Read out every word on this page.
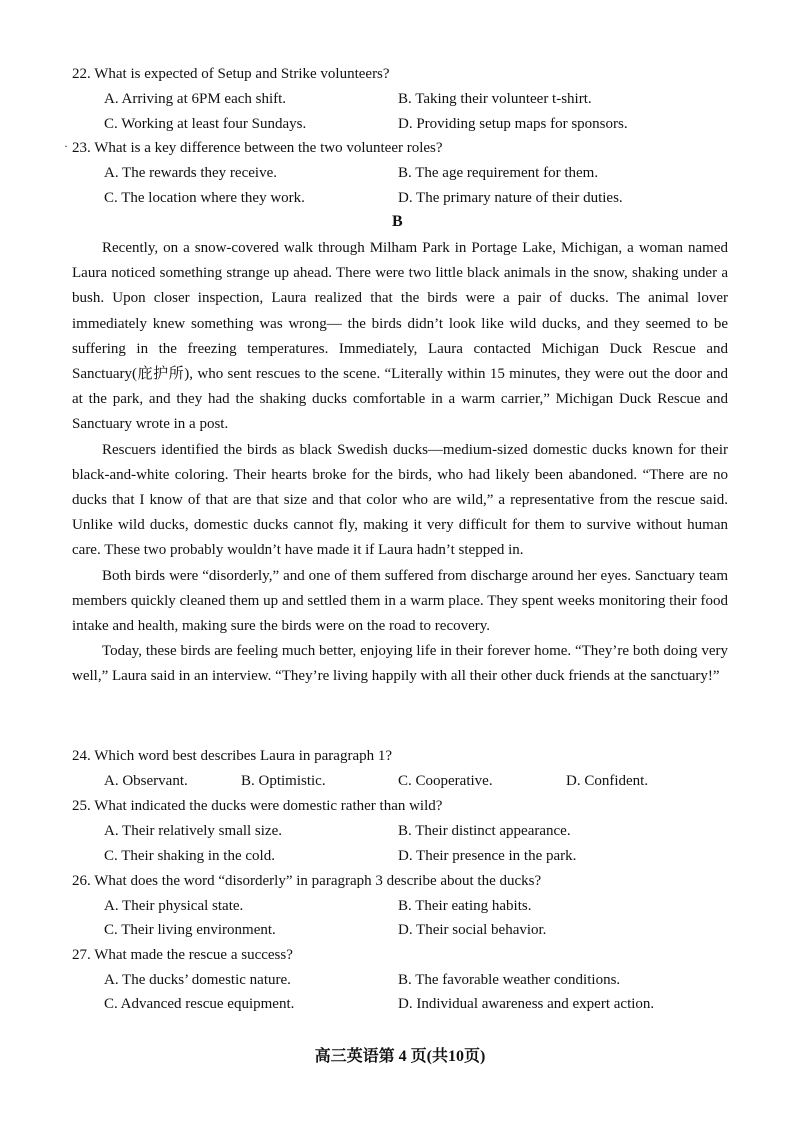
·
22. What is expected of Setup and Strike volunteers?
A. Arriving at 6PM each shift.	B. Taking their volunteer t-shirt.
C. Working at least four Sundays.	D. Providing setup maps for sponsors.
23. What is a key difference between the two volunteer roles?
A. The rewards they receive.	B. The age requirement for them.
C. The location where they work.	D. The primary nature of their duties.
B

Recently, on a snow-covered walk through Milham Park in Portage Lake, Michigan, a woman named Laura noticed something strange up ahead. There were two little black animals in the snow, shaking under a bush. Upon closer inspection, Laura realized that the birds were a pair of ducks. The animal lover immediately knew something was wrong— the birds didn’t look like wild ducks, and they seemed to be suffering in the freezing temperatures. Immediately, Laura contacted Michigan Duck Rescue and Sanctuary(庇护所), who sent rescues to the scene. “Literally within 15 minutes, they were out the door and at the park, and they had the shaking ducks comfortable in a warm carrier,” Michigan Duck Rescue and Sanctuary wrote in a post.

Rescuers identified the birds as black Swedish ducks—medium-sized domestic ducks known for their black-and-white coloring. Their hearts broke for the birds, who had likely been abandoned. “There are no ducks that I know of that are that size and that color who are wild,” a representative from the rescue said. Unlike wild ducks, domestic ducks cannot fly, making it very difficult for them to survive without human care. These two probably wouldn’t have made it if Laura hadn’t stepped in.

Both birds were “disorderly,” and one of them suffered from discharge around her eyes. Sanctuary team members quickly cleaned them up and settled them in a warm place. They spent weeks monitoring their food intake and health, making sure the birds were on the road to recovery.

Today, these birds are feeling much better, enjoying life in their forever home. “They’re both doing very well,” Laura said in an interview. “They’re living happily with all their other duck friends at the sanctuary!”

24. Which word best describes Laura in paragraph 1?
A. Observant.	B. Optimistic.	C. Cooperative.	D. Confident.
25. What indicated the ducks were domestic rather than wild?
A. Their relatively small size.	B. Their distinct appearance.
C. Their shaking in the cold.	D. Their presence in the park.
26. What does the word “disorderly” in paragraph 3 describe about the ducks?
A. Their physical state.	B. Their eating habits.
C. Their living environment.	D. Their social behavior.
27. What made the rescue a success?
A. The ducks’ domestic nature.	B. The favorable weather conditions.
C. Advanced rescue equipment.	D. Individual awareness and expert action.
高三英语第 4 页(共10页)
